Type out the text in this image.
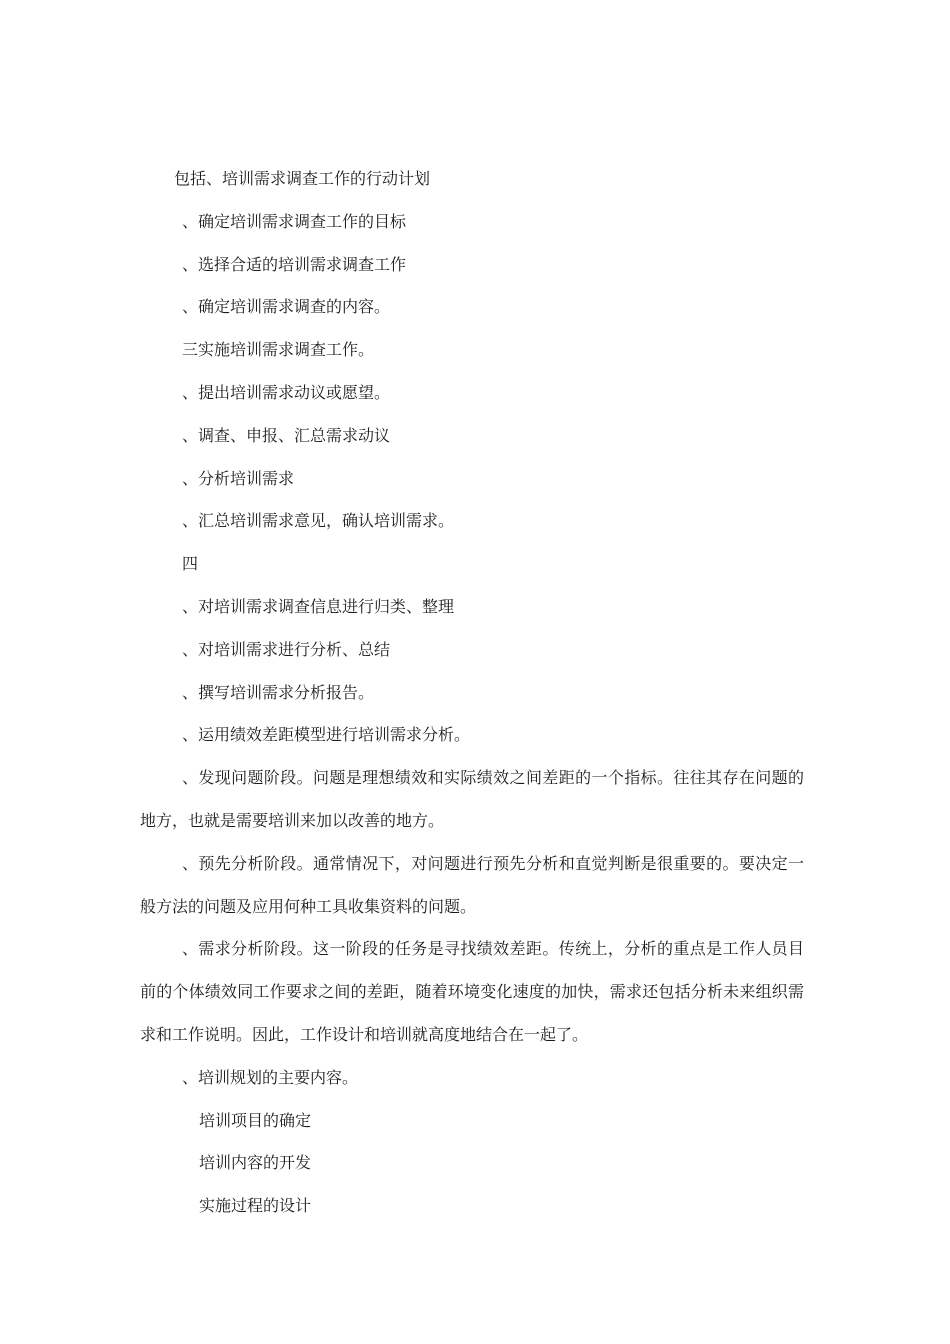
包括、培训需求调查工作的行动计划

、确定培训需求调查工作的目标

、选择合适的培训需求调查工作

、确定培训需求调查的内容。

三实施培训需求调查工作。

、提出培训需求动议或愿望。

、调查、申报、汇总需求动议

、分析培训需求

、汇总培训需求意见，确认培训需求。

四

、对培训需求调查信息进行归类、整理

、对培训需求进行分析、总结

、撰写培训需求分析报告。

、运用绩效差距模型进行培训需求分析。

、发现问题阶段。问题是理想绩效和实际绩效之间差距的一个指标。往往其存在问题的地方，也就是需要培训来加以改善的地方。

、预先分析阶段。通常情况下，对问题进行预先分析和直觉判断是很重要的。要决定一般方法的问题及应用何种工具收集资料的问题。

、需求分析阶段。这一阶段的任务是寻找绩效差距。传统上，分析的重点是工作人员目前的个体绩效同工作要求之间的差距，随着环境变化速度的加快，需求还包括分析未来组织需求和工作说明。因此，工作设计和培训就高度地结合在一起了。

、培训规划的主要内容。

培训项目的确定

培训内容的开发

实施过程的设计
